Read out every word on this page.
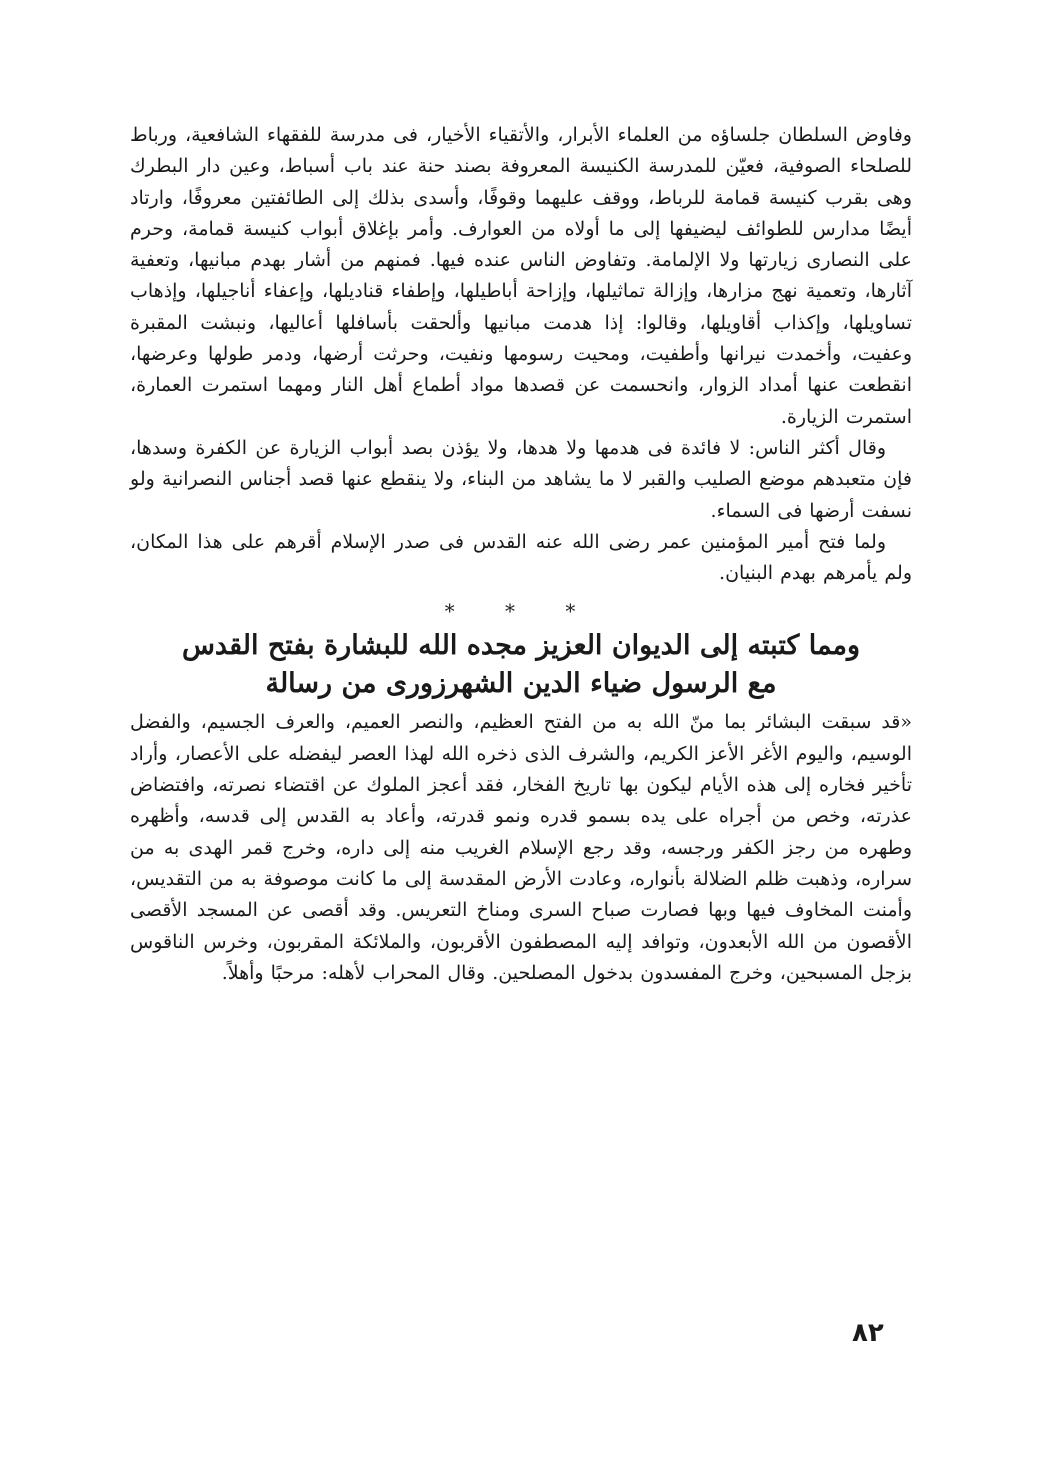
وفاوض السلطان جلساؤه من العلماء الأبرار، والأتقياء الأخيار، فى مدرسة للفقهاء الشافعية، ورباط للصلحاء الصوفية، فعيّن للمدرسة الكنيسة المعروفة بصند حنة عند باب أسباط، وعين دار البطرك وهى بقرب كنيسة قمامة للرباط، ووقف عليهما وقوفًا، وأسدى بذلك إلى الطائفتين معروفًا، وارتاد أيضًا مدارس للطوائف ليضيفها إلى ما أولاه من العوارف. وأمر بإغلاق أبواب كنيسة قمامة، وحرم على النصارى زيارتها ولا الإلمامة. وتفاوض الناس عنده فيها. فمنهم من أشار بهدم مبانيها، وتعفية آثارها، وتعمية نهج مزارها، وإزالة تماثيلها، وإزاحة أباطيلها، وإطفاء قناديلها، وإعفاء أناجيلها، وإذهاب تساويلها، وإكذاب أقاويلها، وقالوا: إذا هدمت مبانيها وألحقت بأسافلها أعاليها، ونبشت المقبرة وعفيت، وأخمدت نيرانها وأطفيت، ومحيت رسومها ونفيت، وحرثت أرضها، ودمر طولها وعرضها، انقطعت عنها أمداد الزوار، وانحسمت عن قصدها مواد أطماع أهل النار ومهما استمرت العمارة، استمرت الزيارة.

وقال أكثر الناس: لا فائدة فى هدمها ولا هدها، ولا يؤذن بصد أبواب الزيارة عن الكفرة وسدها، فإن متعبدهم موضع الصليب والقبر لا ما يشاهد من البناء، ولا ينقطع عنها قصد أجناس النصرانية ولو نسفت أرضها فى السماء.

ولما فتح أمير المؤمنين عمر رضى الله عنه القدس فى صدر الإسلام أقرهم على هذا المكان، ولم يأمرهم بهدم البنيان.

* * *
ومما كتبته إلى الديوان العزيز مجده الله للبشارة بفتح القدس
مع الرسول ضياء الدين الشهرزورى من رسالة

«قد سبقت البشائر بما منّ الله به من الفتح العظيم، والنصر العميم، والعرف الجسيم، والفضل الوسيم، واليوم الأغر الأعز الكريم، والشرف الذى ذخره الله لهذا العصر ليفضله على الأعصار، وأراد تأخير فخاره إلى هذه الأيام ليكون بها تاريخ الفخار، فقد أعجز الملوك عن اقتضاء نصرته، وافتضاض عذرته، وخص من أجراه على يده بسمو قدره ونمو قدرته، وأعاد به القدس إلى قدسه، وأظهره وطهره من رجز الكفر ورجسه، وقد رجع الإسلام الغريب منه إلى داره، وخرج قمر الهدى به من سراره، وذهبت ظلم الضلالة بأنواره، وعادت الأرض المقدسة إلى ما كانت موصوفة به من التقديس، وأمنت المخاوف فيها وبها فصارت صباح السرى ومناخ التعريس. وقد أقصى عن المسجد الأقصى الأقصون من الله الأبعدون، وتوافد إليه المصطفون الأقربون، والملائكة المقربون، وخرس الناقوس بزجل المسبحين، وخرج المفسدون بدخول المصلحين. وقال المحراب لأهله: مرحبًا وأهلاً.

٨٢
